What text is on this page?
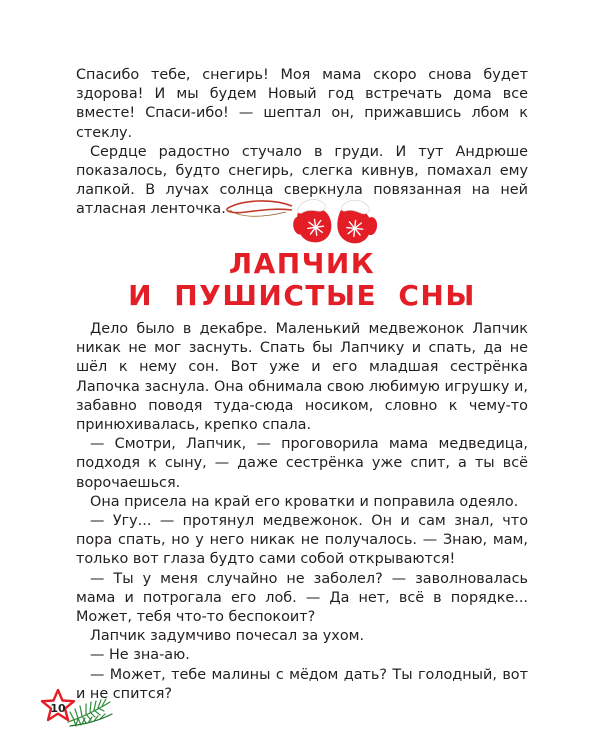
Спасибо тебе, снегирь! Моя мама скоро снова будет здорова! И мы будем Новый год встречать дома все вместе! Спаси-ибо! — шептал он, прижавшись лбом к стеклу.

Сердце радостно стучало в груди. И тут Андрюше показалось, будто снегирь, слегка кивнув, помахал ему лапкой. В лучах солнца сверкнула повязанная на ней атласная ленточка.

ЛАПЧИК
И ПУШИСТЫЕ СНЫ

Дело было в декабре. Маленький медвежонок Лапчик никак не мог заснуть. Спать бы Лапчику и спать, да не шёл к нему сон. Вот уже и его младшая сестрёнка Лапочка заснула. Она обнимала свою любимую игрушку и, забавно поводя туда-сюда носиком, словно к чему-то принюхивалась, крепко спала.

— Смотри, Лапчик, — проговорила мама медведица, подходя к сыну, — даже сестрёнка уже спит, а ты всё ворочаешься.

Она присела на край его кроватки и поправила одеяло.

— Угу... — протянул медвежонок. Он и сам знал, что пора спать, но у него никак не получалось. — Знаю, мам, только вот глаза будто сами собой открываются!

— Ты у меня случайно не заболел? — заволновалась мама и потрогала его лоб. — Да нет, всё в порядке... Может, тебя что-то беспокоит?

Лапчик задумчиво почесал за ухом.

— Не зна-аю.

— Может, тебе малины с мёдом дать? Ты голодный, вот и не спится?

10
